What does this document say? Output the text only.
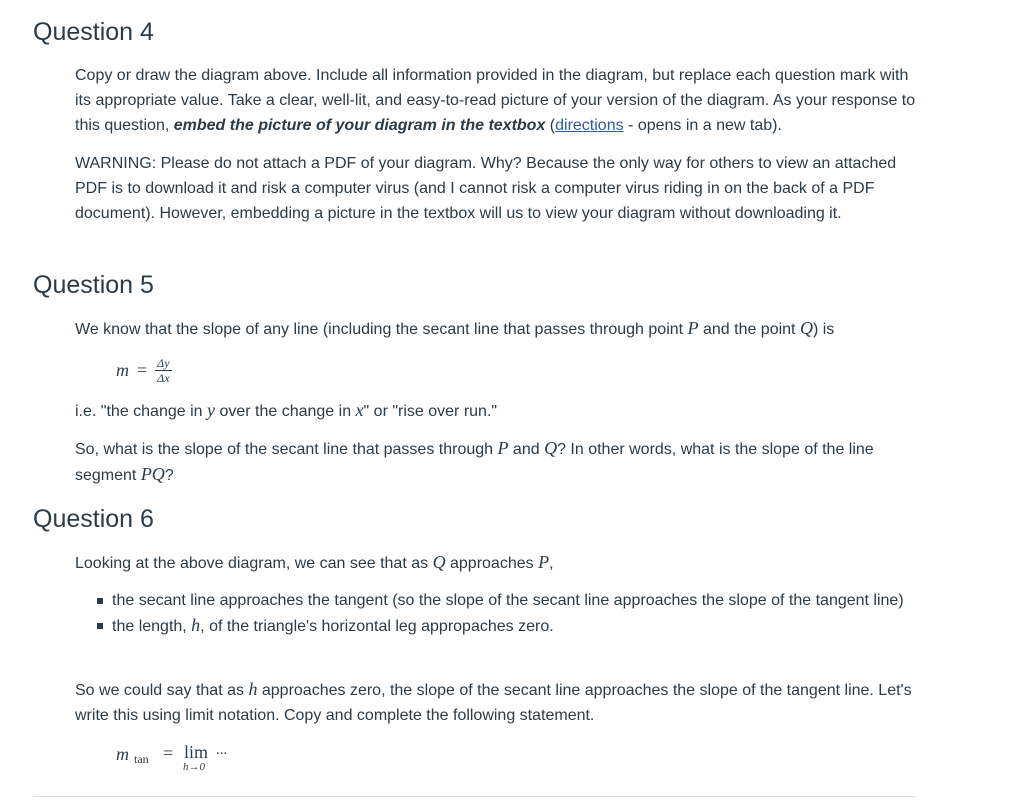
Question 4

Copy or draw the diagram above. Include all information provided in the diagram, but replace each question mark with its appropriate value. Take a clear, well-lit, and easy-to-read picture of your version of the diagram. As your response to this question, embed the picture of your diagram in the textbox (directions - opens in a new tab).

WARNING: Please do not attach a PDF of your diagram. Why? Because the only way for others to view an attached PDF is to download it and risk a computer virus (and I cannot risk a computer virus riding in on the back of a PDF document). However, embedding a picture in the textbox will us to view your diagram without downloading it.

Question 5

We know that the slope of any line (including the secant line that passes through point P and the point Q) is

$m = \frac{\Delta y}{\Delta x}$

i.e. "the change in y over the change in x" or "rise over run."

So, what is the slope of the secant line that passes through P and Q? In other words, what is the slope of the line segment PQ?

Question 6

Looking at the above diagram, we can see that as Q approaches P,

the secant line approaches the tangent (so the slope of the secant line approaches the slope of the tangent line)
the length, h, of the triangle's horizontal leg appropaches zero.

So we could say that as h approaches zero, the slope of the secant line approaches the slope of the tangent line. Let's write this using limit notation. Copy and complete the following statement.

m tan = lim
h→0
...
